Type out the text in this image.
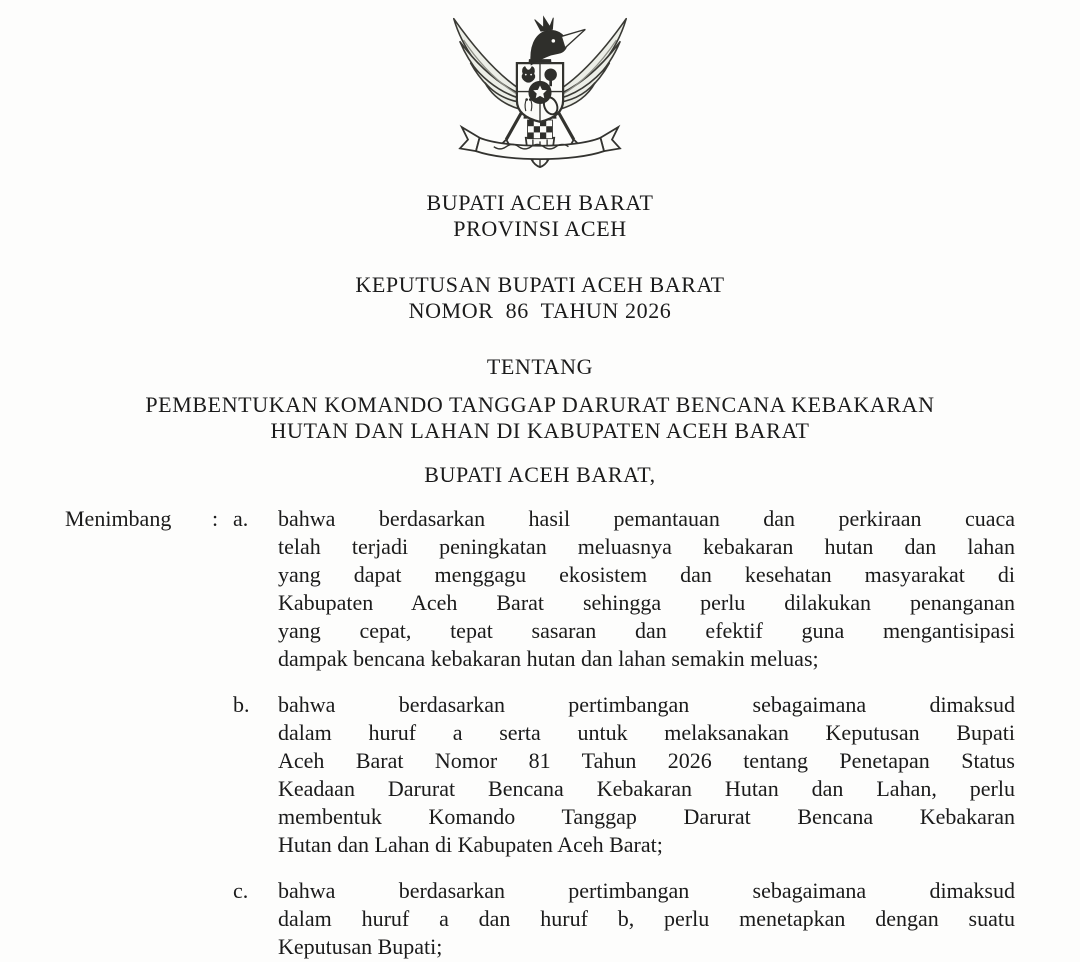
BUPATI ACEH BARAT
PROVINSI ACEH
KEPUTUSAN BUPATI ACEH BARAT
NOMOR  86  TAHUN 2026
TENTANG
PEMBENTUKAN KOMANDO TANGGAP DARURAT BENCANA KEBAKARAN
HUTAN DAN LAHAN DI KABUPATEN ACEH BARAT
BUPATI ACEH BARAT,
Menimbang	: a.	bahwa berdasarkan hasil pemantauan dan perkiraan cuaca
telah terjadi peningkatan meluasnya kebakaran hutan dan lahan
yang dapat menggagu ekosistem dan kesehatan masyarakat di
Kabupaten Aceh Barat sehingga perlu dilakukan penanganan
yang cepat, tepat sasaran dan efektif guna mengantisipasi
dampak bencana kebakaran hutan dan lahan semakin meluas;
b.	bahwa berdasarkan pertimbangan sebagaimana dimaksud
dalam huruf a serta untuk melaksanakan Keputusan Bupati
Aceh Barat Nomor 81 Tahun 2026 tentang Penetapan Status
Keadaan Darurat Bencana Kebakaran Hutan dan Lahan, perlu
membentuk Komando Tanggap Darurat Bencana Kebakaran
Hutan dan Lahan di Kabupaten Aceh Barat;
c.	bahwa berdasarkan pertimbangan sebagaimana dimaksud
dalam huruf a dan huruf b, perlu menetapkan dengan suatu
Keputusan Bupati;
